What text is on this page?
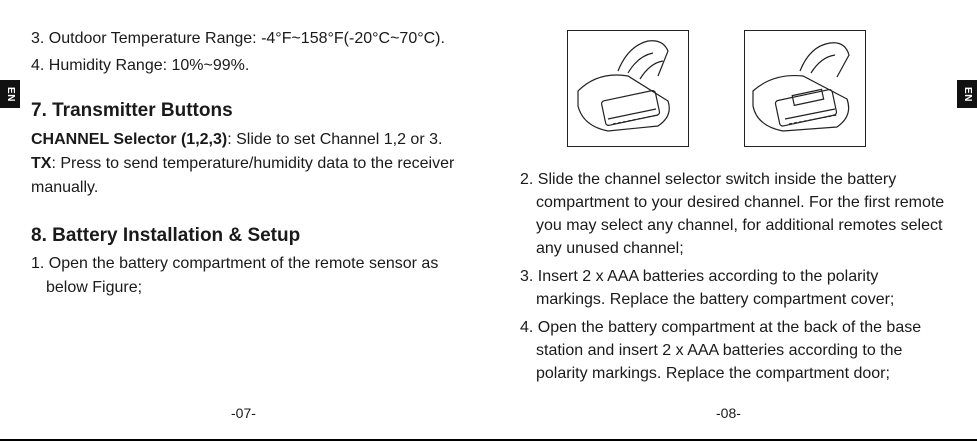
EN
3. Outdoor Temperature Range: -4°F~158°F(-20°C~70°C).
4. Humidity Range: 10%~99%.
7. Transmitter Buttons
CHANNEL Selector (1,2,3): Slide to set Channel 1,2 or 3.
TX: Press to send temperature/humidity data to the receiver
manually.
8. Battery Installation & Setup
1. Open the battery compartment of the remote sensor as
below Figure;
-07-
EN
2. Slide the channel selector switch inside the battery
compartment to your desired channel. For the first remote
you may select any channel, for additional remotes select
any unused channel;
3. Insert 2 x AAA batteries according to the polarity
markings. Replace the battery compartment cover;
4. Open the battery compartment at the back of the base
station and insert 2 x AAA batteries according to the
polarity markings. Replace the compartment door;
-08-
